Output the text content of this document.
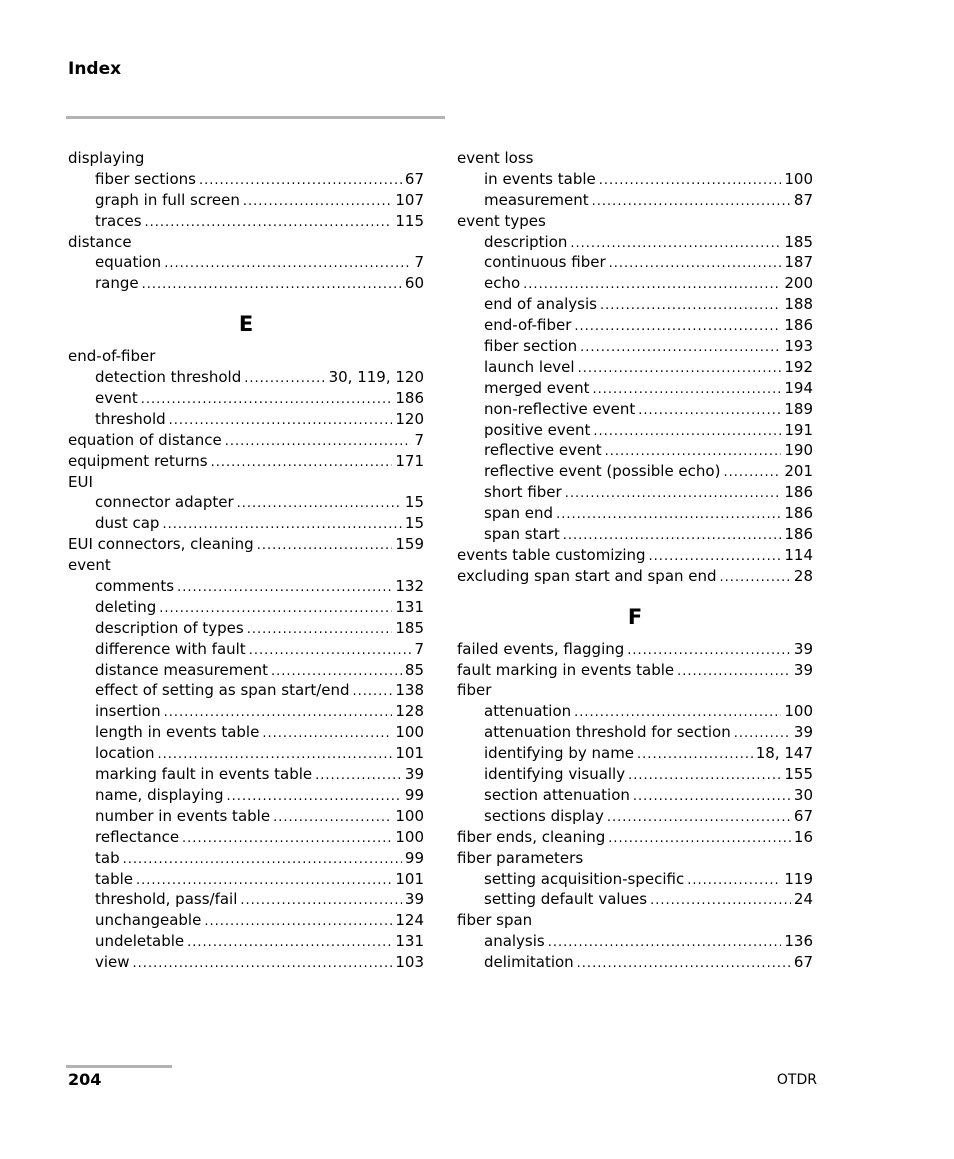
Index
displaying
fiber sections .....	67
graph in full screen .....	107
traces .....	115
distance
equation .....	7
range .....	60
E
end-of-fiber
detection threshold .....	30, 119, 120
event .....	186
threshold .....	120
equation of distance .....	7
equipment returns .....	171
EUI
connector adapter .....	15
dust cap .....	15
EUI connectors, cleaning .....	159
event
comments .....	132
deleting .....	131
description of types .....	185
difference with fault .....	7
distance measurement .....	85
effect of setting as span start/end .....	138
insertion .....	128
length in events table .....	100
location .....	101
marking fault in events table .....	39
name, displaying .....	99
number in events table .....	100
reflectance .....	100
tab .....	99
table .....	101
threshold, pass/fail .....	39
unchangeable .....	124
undeletable .....	131
view .....	103
event loss
in events table .....	100
measurement .....	87
event types
description .....	185
continuous fiber .....	187
echo .....	200
end of analysis .....	188
end-of-fiber .....	186
fiber section .....	193
launch level .....	192
merged event .....	194
non-reflective event .....	189
positive event .....	191
reflective event .....	190
reflective event (possible echo) .....	201
short fiber .....	186
span end .....	186
span start .....	186
events table customizing .....	114
excluding span start and span end .....	28
F
failed events, flagging .....	39
fault marking in events table .....	39
fiber
attenuation .....	100
attenuation threshold for section .....	39
identifying by name .....	18, 147
identifying visually .....	155
section attenuation .....	30
sections display .....	67
fiber ends, cleaning .....	16
fiber parameters
setting acquisition-specific .....	119
setting default values .....	24
fiber span
analysis .....	136
delimitation .....	67
204	OTDR
